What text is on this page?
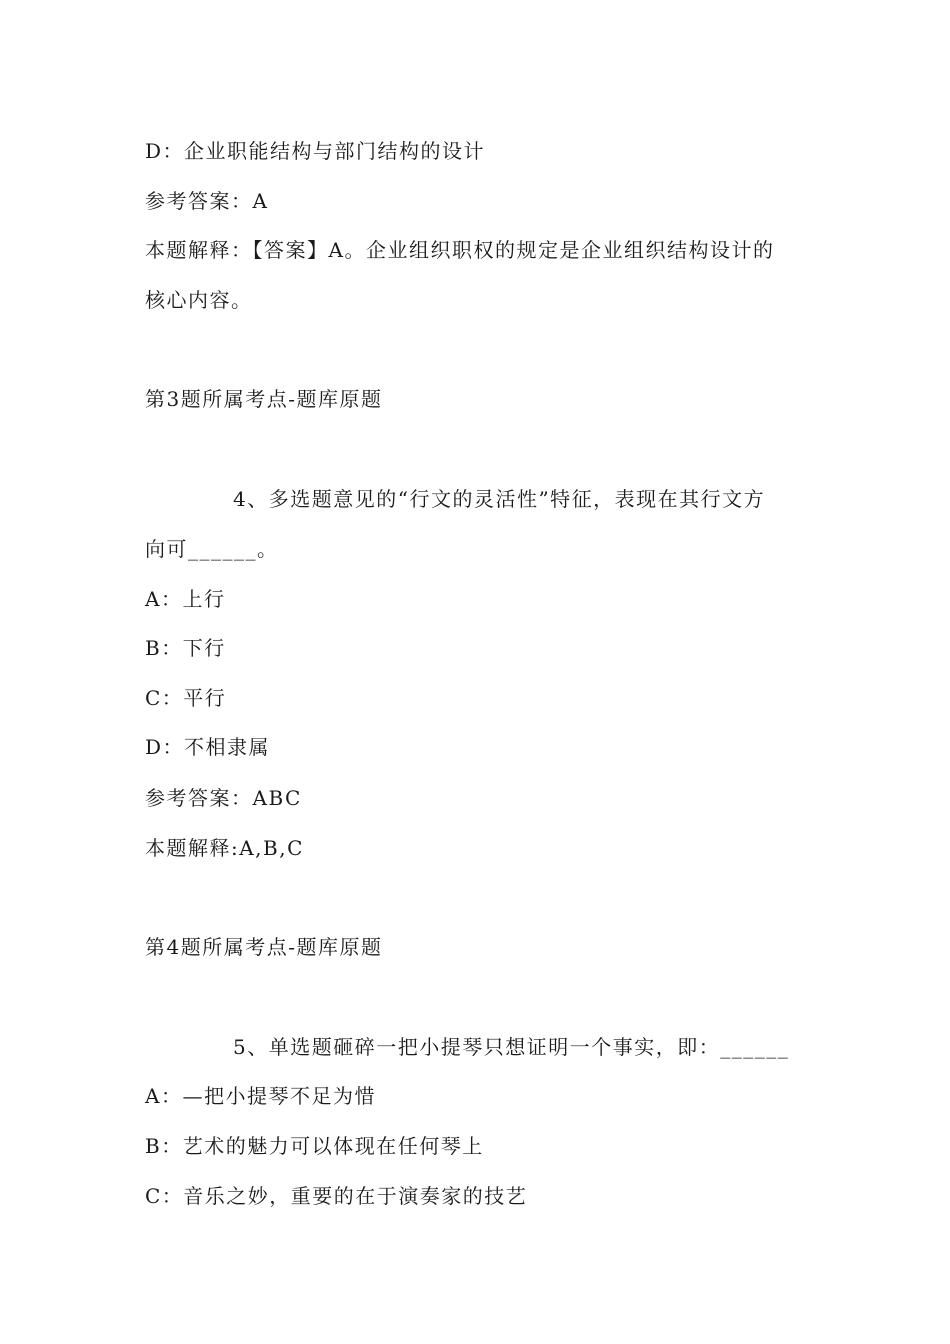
D：企业职能结构与部门结构的设计
参考答案：A
本题解释：【答案】A。企业组织职权的规定是企业组织结构设计的
核心内容。
第3题所属考点-题库原题
4、多选题意见的“行文的灵活性”特征，表现在其行文方
向可______。
A：上行
B：下行
C：平行
D：不相隶属
参考答案：ABC
本题解释:A,B,C
第4题所属考点-题库原题
5、单选题砸碎一把小提琴只想证明一个事实，即：______
A：—把小提琴不足为惜
B：艺术的魅力可以体现在任何琴上
C：音乐之妙，重要的在于演奏家的技艺
